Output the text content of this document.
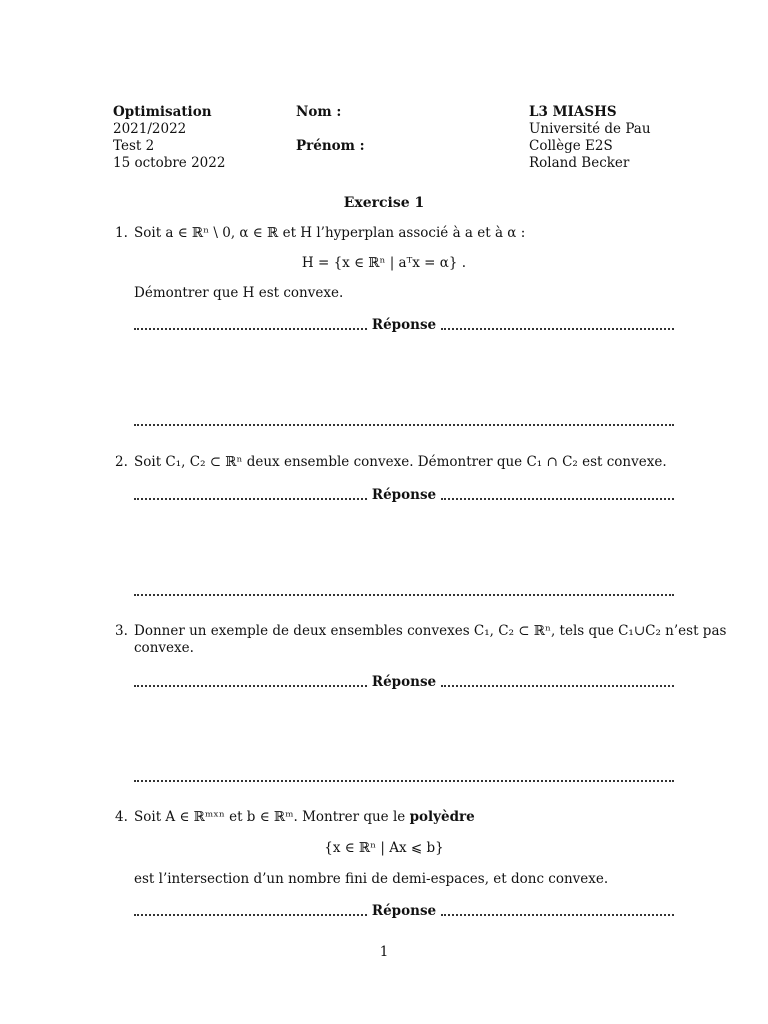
Optimisation
2021/2022
Test 2
15 octobre 2022
Nom :
Prénom :
L3 MIASHS
Université de Pau
Collège E2S
Roland Becker
Exercise 1
1. Soit a ∈ ℝⁿ \ 0, α ∈ ℝ et H l’hyperplan associé à a et à α :
H = {x ∈ ℝⁿ | aᵀx = α} .
Démontrer que H est convexe.
Réponse
2. Soit C₁, C₂ ⊂ ℝⁿ deux ensemble convexe. Démontrer que C₁ ∩ C₂ est convexe.
Réponse
3. Donner un exemple de deux ensembles convexes C₁, C₂ ⊂ ℝⁿ, tels que C₁∪C₂ n’est pas
convexe.
Réponse
4. Soit A ∈ ℝᵐˣⁿ et b ∈ ℝᵐ. Montrer que le polyèdre
{x ∈ ℝⁿ | Ax ⩽ b}
est l’intersection d’un nombre fini de demi-espaces, et donc convexe.
Réponse
1
